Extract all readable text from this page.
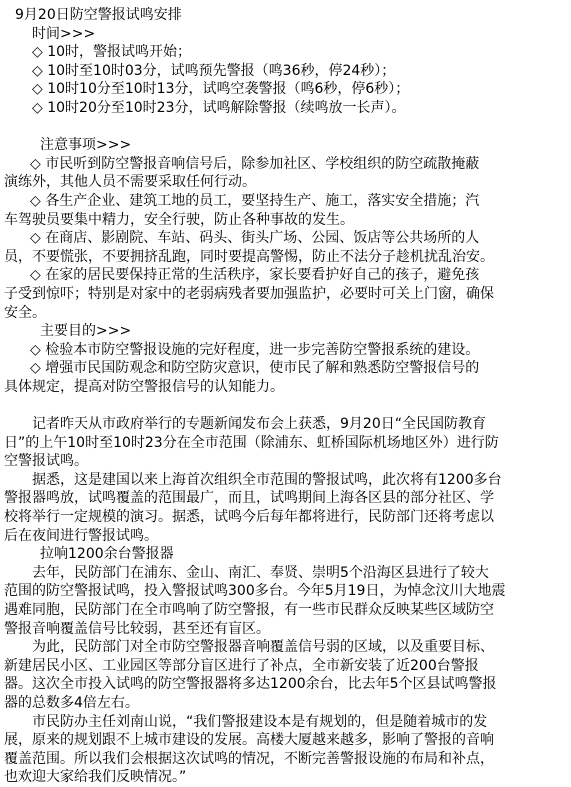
9月20日防空警报试鸣安排
时间>>>
◇ 10时，警报试鸣开始；
◇ 10时至10时03分，试鸣预先警报（鸣36秒，停24秒）；
◇ 10时10分至10时13分，试鸣空袭警报（鸣6秒，停6秒）；
◇ 10时20分至10时23分，试鸣解除警报（续鸣放一长声）。
注意事项>>>
◇ 市民听到防空警报音响信号后，除参加社区、学校组织的防空疏散掩蔽
演练外，其他人员不需要采取任何行动。
◇ 各生产企业、建筑工地的员工，要坚持生产、施工，落实安全措施；汽
车驾驶员要集中精力，安全行驶，防止各种事故的发生。
◇ 在商店、影剧院、车站、码头、街头广场、公园、饭店等公共场所的人
员，不要慌张，不要拥挤乱跑，同时要提高警惕，防止不法分子趁机扰乱治安。
◇ 在家的居民要保持正常的生活秩序，家长要看护好自己的孩子，避免孩
子受到惊吓；特别是对家中的老弱病残者要加强监护，必要时可关上门窗，确保
安全。
主要目的>>>
◇ 检验本市防空警报设施的完好程度，进一步完善防空警报系统的建设。
◇ 增强市民国防观念和防空防灾意识，使市民了解和熟悉防空警报信号的
具体规定，提高对防空警报信号的认知能力。
记者昨天从市政府举行的专题新闻发布会上获悉，9月20日“全民国防教育
日”的上午10时至10时23分在全市范围（除浦东、虹桥国际机场地区外）进行防
空警报试鸣。
据悉，这是建国以来上海首次组织全市范围的警报试鸣，此次将有1200多台
警报器鸣放，试鸣覆盖的范围最广，而且，试鸣期间上海各区县的部分社区、学
校将举行一定规模的演习。据悉，试鸣今后每年都将进行，民防部门还将考虑以
后在夜间进行警报试鸣。
拉响1200余台警报器
去年，民防部门在浦东、金山、南汇、奉贤、崇明5个沿海区县进行了较大
范围的防空警报试鸣，投入警报试鸣300多台。今年5月19日，为悼念汶川大地震
遇难同胞，民防部门在全市鸣响了防空警报，有一些市民群众反映某些区域防空
警报音响覆盖信号比较弱，甚至还有盲区。
为此，民防部门对全市防空警报器音响覆盖信号弱的区域，以及重要目标、
新建居民小区、工业园区等部分盲区进行了补点，全市新安装了近200台警报
器。这次全市投入试鸣的防空警报器将多达1200余台，比去年5个区县试鸣警报
器的总数多4倍左右。
市民防办主任刘南山说，“我们警报建设本是有规划的，但是随着城市的发
展，原来的规划跟不上城市建设的发展。高楼大厦越来越多，影响了警报的音响
覆盖范围。所以我们会根据这次试鸣的情况，不断完善警报设施的布局和补点，
也欢迎大家给我们反映情况。”
